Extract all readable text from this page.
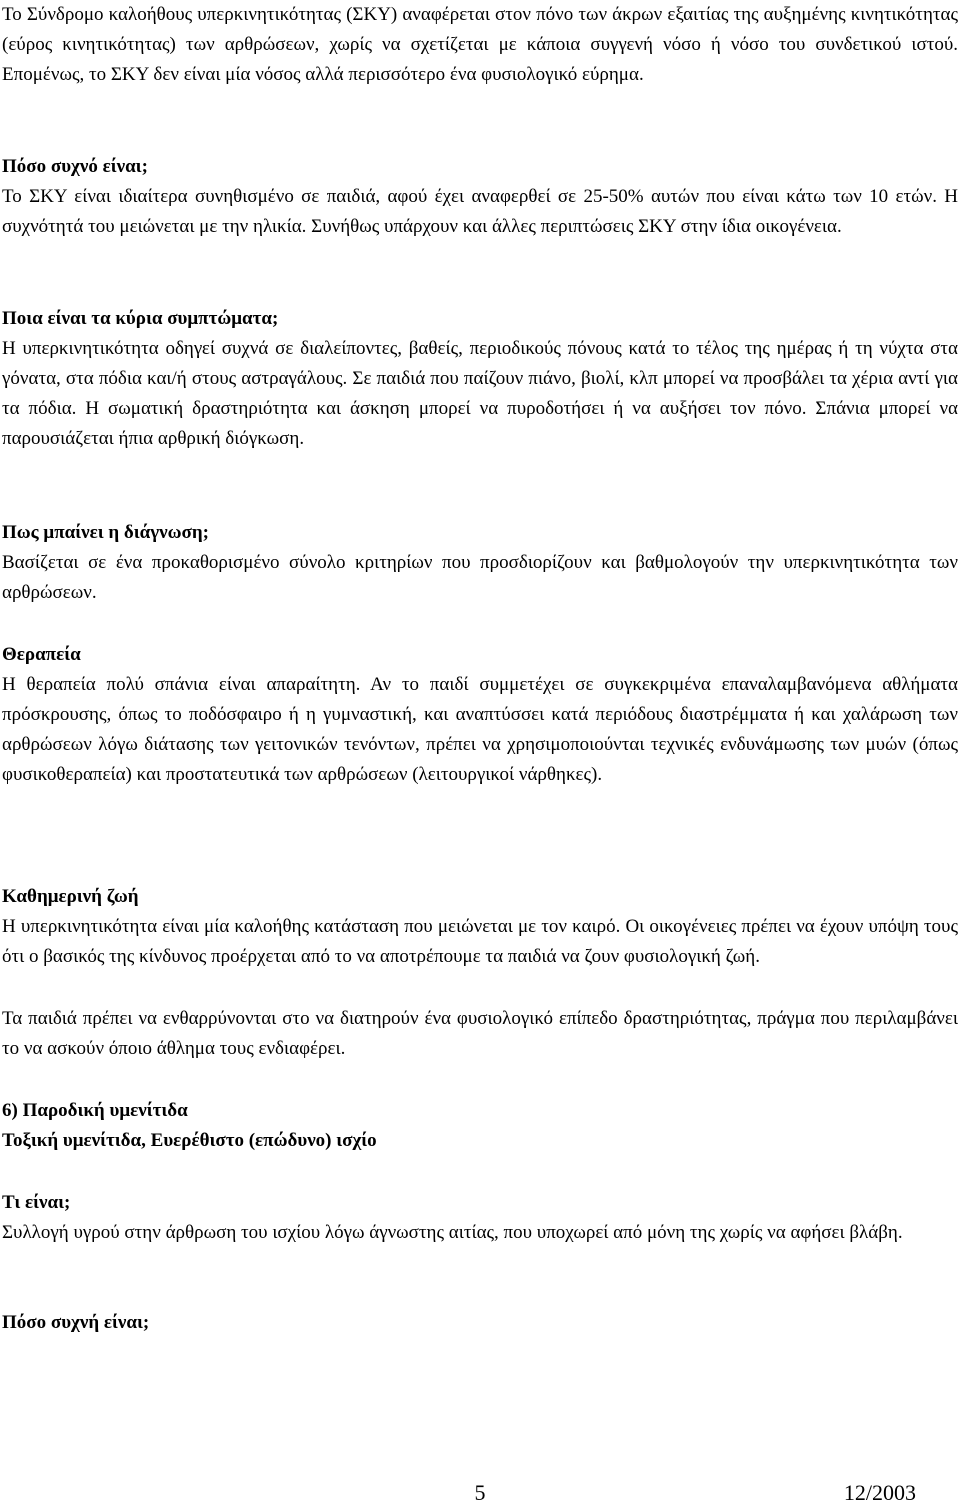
Το Σύνδρομο καλοήθους υπερκινητικότητας (ΣΚΥ) αναφέρεται στον πόνο των άκρων εξαιτίας της αυξημένης κινητικότητας (εύρος κινητικότητας) των αρθρώσεων, χωρίς να σχετίζεται με κάποια συγγενή νόσο ή νόσο του συνδετικού ιστού. Επομένως, το ΣΚΥ δεν είναι μία νόσος αλλά περισσότερο ένα φυσιολογικό εύρημα.

Πόσο συχνό είναι;

Το ΣΚΥ είναι ιδιαίτερα συνηθισμένο σε παιδιά, αφού έχει αναφερθεί σε 25-50% αυτών που είναι κάτω των 10 ετών. Η συχνότητά του μειώνεται με την ηλικία. Συνήθως υπάρχουν και άλλες περιπτώσεις ΣΚΥ στην ίδια οικογένεια.

Ποια είναι τα κύρια συμπτώματα;

Η υπερκινητικότητα οδηγεί συχνά σε διαλείποντες, βαθείς, περιοδικούς πόνους κατά το τέλος της ημέρας ή τη νύχτα στα γόνατα, στα πόδια και/ή στους αστραγάλους. Σε παιδιά που παίζουν πιάνο, βιολί, κλπ μπορεί να προσβάλει τα χέρια αντί για τα πόδια. Η σωματική δραστηριότητα και άσκηση μπορεί να πυροδοτήσει ή να αυξήσει τον πόνο. Σπάνια μπορεί να παρουσιάζεται ήπια αρθρική διόγκωση.

Πως μπαίνει η διάγνωση;

Βασίζεται σε ένα προκαθορισμένο σύνολο κριτηρίων που προσδιορίζουν και βαθμολογούν την υπερκινητικότητα των αρθρώσεων.

Θεραπεία

Η θεραπεία πολύ σπάνια είναι απαραίτητη. Αν το παιδί συμμετέχει σε συγκεκριμένα επαναλαμβανόμενα αθλήματα πρόσκρουσης, όπως το ποδόσφαιρο ή η γυμναστική, και αναπτύσσει κατά περιόδους διαστρέμματα ή και χαλάρωση των αρθρώσεων λόγω διάτασης των γειτονικών τενόντων, πρέπει να χρησιμοποιούνται τεχνικές ενδυνάμωσης των μυών (όπως φυσικοθεραπεία) και προστατευτικά των αρθρώσεων (λειτουργικοί νάρθηκες).

Καθημερινή ζωή

Η υπερκινητικότητα είναι μία καλοήθης κατάσταση που μειώνεται με τον καιρό. Οι οικογένειες πρέπει να έχουν υπόψη τους ότι ο βασικός της κίνδυνος προέρχεται από το να αποτρέπουμε τα παιδιά να ζουν φυσιολογική ζωή.

Τα παιδιά πρέπει να ενθαρρύνονται στο να διατηρούν ένα φυσιολογικό επίπεδο δραστηριότητας, πράγμα που περιλαμβάνει το να ασκούν όποιο άθλημα τους ενδιαφέρει.

6) Παροδική υμενίτιδα

Τοξική υμενίτιδα, Ευερέθιστο (επώδυνο) ισχίο

Τι είναι;

Συλλογή υγρού στην άρθρωση του ισχίου λόγω άγνωστης αιτίας, που υποχωρεί από μόνη της χωρίς να αφήσει βλάβη.

Πόσο συχνή είναι;

5	12/2003
